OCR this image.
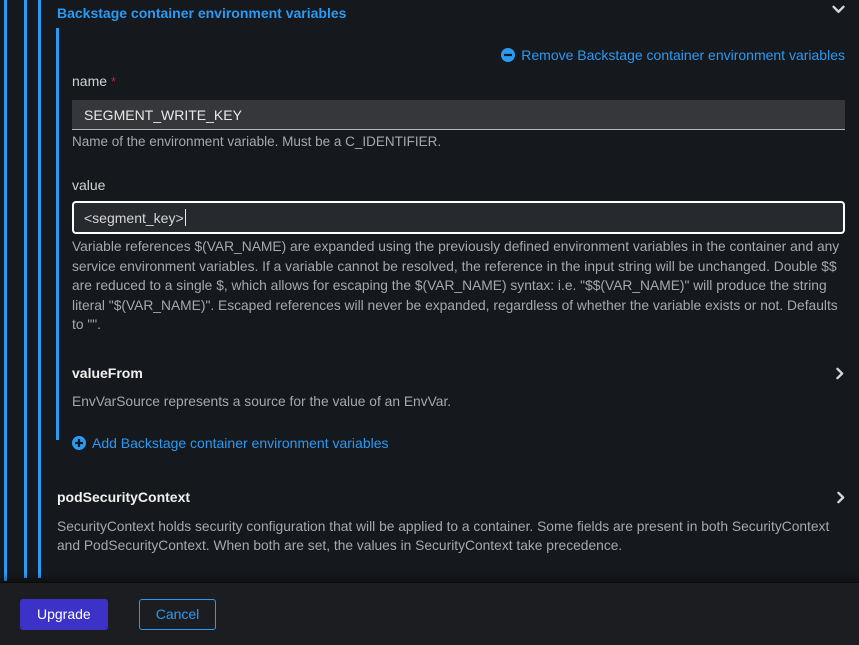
Backstage container environment variables
Remove Backstage container environment variables
name *
SEGMENT_WRITE_KEY
Name of the environment variable. Must be a C_IDENTIFIER.
value
<segment_key>
Variable references $(VAR_NAME) are expanded using the previously defined environment variables in the container and any service environment variables. If a variable cannot be resolved, the reference in the input string will be unchanged. Double $$ are reduced to a single $, which allows for escaping the $(VAR_NAME) syntax: i.e. "$$(VAR_NAME)" will produce the string literal "$(VAR_NAME)". Escaped references will never be expanded, regardless of whether the variable exists or not. Defaults to "".
valueFrom
EnvVarSource represents a source for the value of an EnvVar.
Add Backstage container environment variables
podSecurityContext
SecurityContext holds security configuration that will be applied to a container. Some fields are present in both SecurityContext and PodSecurityContext. When both are set, the values in SecurityContext take precedence.
Upgrade	Cancel
